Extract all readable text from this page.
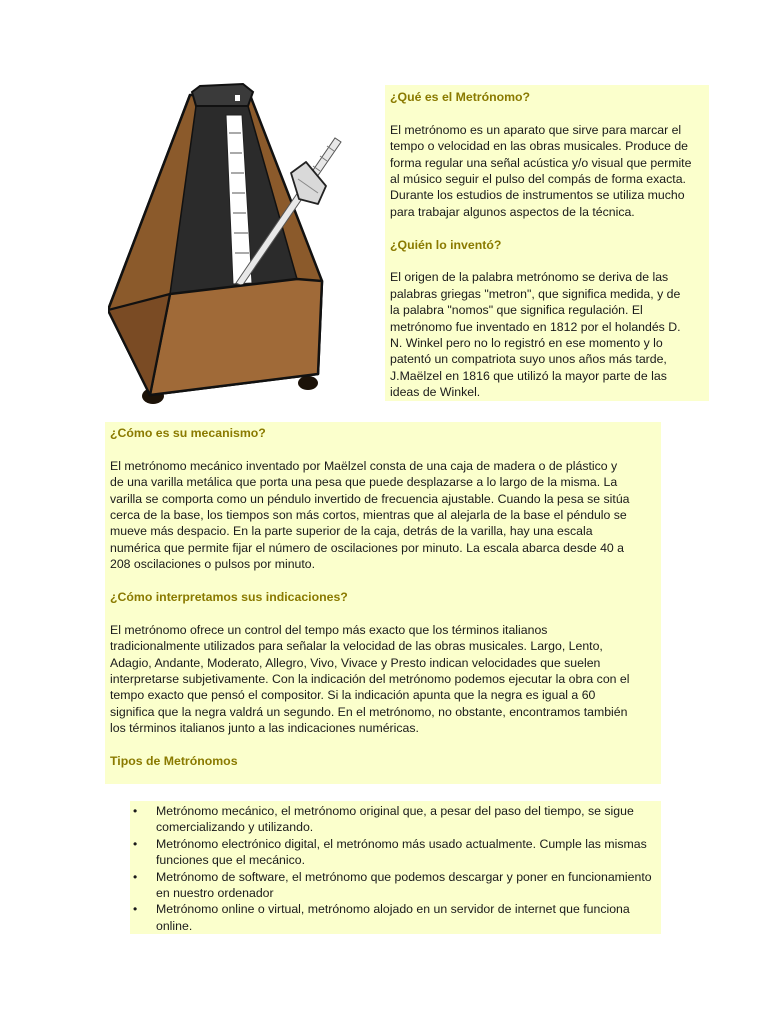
¿Qué es el Metrónomo?

El metrónomo es un aparato que sirve para marcar el

tempo o velocidad en las obras musicales. Produce de

forma regular una señal acústica y/o visual que permite

al músico seguir el pulso del compás de forma exacta.

Durante los estudios de instrumentos se utiliza mucho

para trabajar algunos aspectos de la técnica.

¿Quién lo inventó?

El origen de la palabra metrónomo se deriva de las

palabras griegas "metron", que significa medida, y de

la palabra "nomos" que significa regulación. El

metrónomo fue inventado en 1812 por el holandés D.

N. Winkel pero no lo registró en ese momento y lo

patentó un compatriota suyo unos años más tarde,

J.Maëlzel en 1816 que utilizó la mayor parte de las

ideas de Winkel.

¿Cómo es su mecanismo?

El metrónomo mecánico inventado por Maëlzel consta de una caja de madera o de plástico y

de una varilla metálica que porta una pesa que puede desplazarse a lo largo de la misma. La

varilla se comporta como un péndulo invertido de frecuencia ajustable. Cuando la pesa se sitúa

cerca de la base, los tiempos son más cortos, mientras que al alejarla de la base el péndulo se

mueve más despacio. En la parte superior de la caja, detrás de la varilla, hay una escala

numérica que permite fijar el número de oscilaciones por minuto. La escala abarca desde 40 a

208 oscilaciones o pulsos por minuto.

¿Cómo interpretamos sus indicaciones?

El metrónomo ofrece un control del tempo más exacto que los términos italianos

tradicionalmente utilizados para señalar la velocidad de las obras musicales. Largo, Lento,

Adagio, Andante, Moderato, Allegro, Vivo, Vivace y Presto indican velocidades que suelen

interpretarse subjetivamente. Con la indicación del metrónomo podemos ejecutar la obra con el

tempo exacto que pensó el compositor. Si la indicación apunta que la negra es igual a 60

significa que la negra valdrá un segundo. En el metrónomo, no obstante, encontramos también

los términos italianos junto a las indicaciones numéricas.

Tipos de Metrónomos

• Metrónomo mecánico, el metrónomo original que, a pesar del paso del tiempo, se sigue
comercializando y utilizando.
• Metrónomo electrónico digital, el metrónomo más usado actualmente. Cumple las mismas
funciones que el mecánico.
• Metrónomo de software, el metrónomo que podemos descargar y poner en funcionamiento
en nuestro ordenador
• Metrónomo online o virtual, metrónomo alojado en un servidor de internet que funciona
online.
